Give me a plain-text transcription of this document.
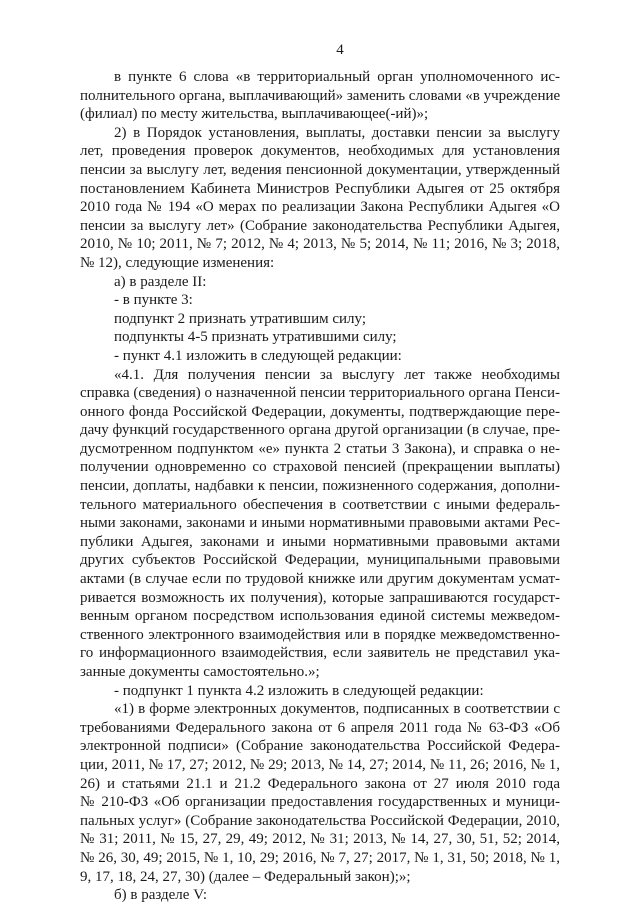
4
в пункте 6 слова «в территориальный орган уполномоченного ис-
полнительного органа, выплачивающий» заменить словами «в учреждение
(филиал) по месту жительства, выплачивающее(-ий)»;
2) в Порядок установления, выплаты, доставки пенсии за выслугу
лет, проведения проверок документов, необходимых для установления
пенсии за выслугу лет, ведения пенсионной документации, утвержденный
постановлением Кабинета Министров Республики Адыгея от 25 октября
2010 года № 194 «О мерах по реализации Закона Республики Адыгея «О
пенсии за выслугу лет» (Собрание законодательства Республики Адыгея,
2010, № 10; 2011, № 7; 2012, № 4; 2013, № 5; 2014, № 11; 2016, № 3; 2018,
№ 12), следующие изменения:
а) в разделе II:
- в пункте 3:
подпункт 2 признать утратившим силу;
подпункты 4-5 признать утратившими силу;
- пункт 4.1 изложить в следующей редакции:
«4.1. Для получения пенсии за выслугу лет также необходимы
справка (сведения) о назначенной пенсии территориального органа Пенси-
онного фонда Российской Федерации, документы, подтверждающие пере-
дачу функций государственного органа другой организации (в случае, пре-
дусмотренном подпунктом «е» пункта 2 статьи 3 Закона), и справка о не-
получении одновременно со страховой пенсией (прекращении выплаты)
пенсии, доплаты, надбавки к пенсии, пожизненного содержания, дополни-
тельного материального обеспечения в соответствии с иными федераль-
ными законами, законами и иными нормативными правовыми актами Рес-
публики Адыгея, законами и иными нормативными правовыми актами
других субъектов Российской Федерации, муниципальными правовыми
актами (в случае если по трудовой книжке или другим документам усмат-
ривается возможность их получения), которые запрашиваются государст-
венным органом посредством использования единой системы межведом-
ственного электронного взаимодействия или в порядке межведомственно-
го информационного взаимодействия, если заявитель не представил ука-
занные документы самостоятельно.»;
- подпункт 1 пункта 4.2 изложить в следующей редакции:
«1) в форме электронных документов, подписанных в соответствии с
требованиями Федерального закона от 6 апреля 2011 года № 63-ФЗ «Об
электронной подписи» (Собрание законодательства Российской Федера-
ции, 2011, № 17, 27; 2012, № 29; 2013, № 14, 27; 2014, № 11, 26; 2016, № 1,
26) и статьями 21.1 и 21.2 Федерального закона от 27 июля 2010 года
№ 210-ФЗ «Об организации предоставления государственных и муници-
пальных услуг» (Собрание законодательства Российской Федерации, 2010,
№ 31; 2011, № 15, 27, 29, 49; 2012, № 31; 2013, № 14, 27, 30, 51, 52; 2014,
№ 26, 30, 49; 2015, № 1, 10, 29; 2016, № 7, 27; 2017, № 1, 31, 50; 2018, № 1,
9, 17, 18, 24, 27, 30) (далее – Федеральный закон);»;
б) в разделе V:
